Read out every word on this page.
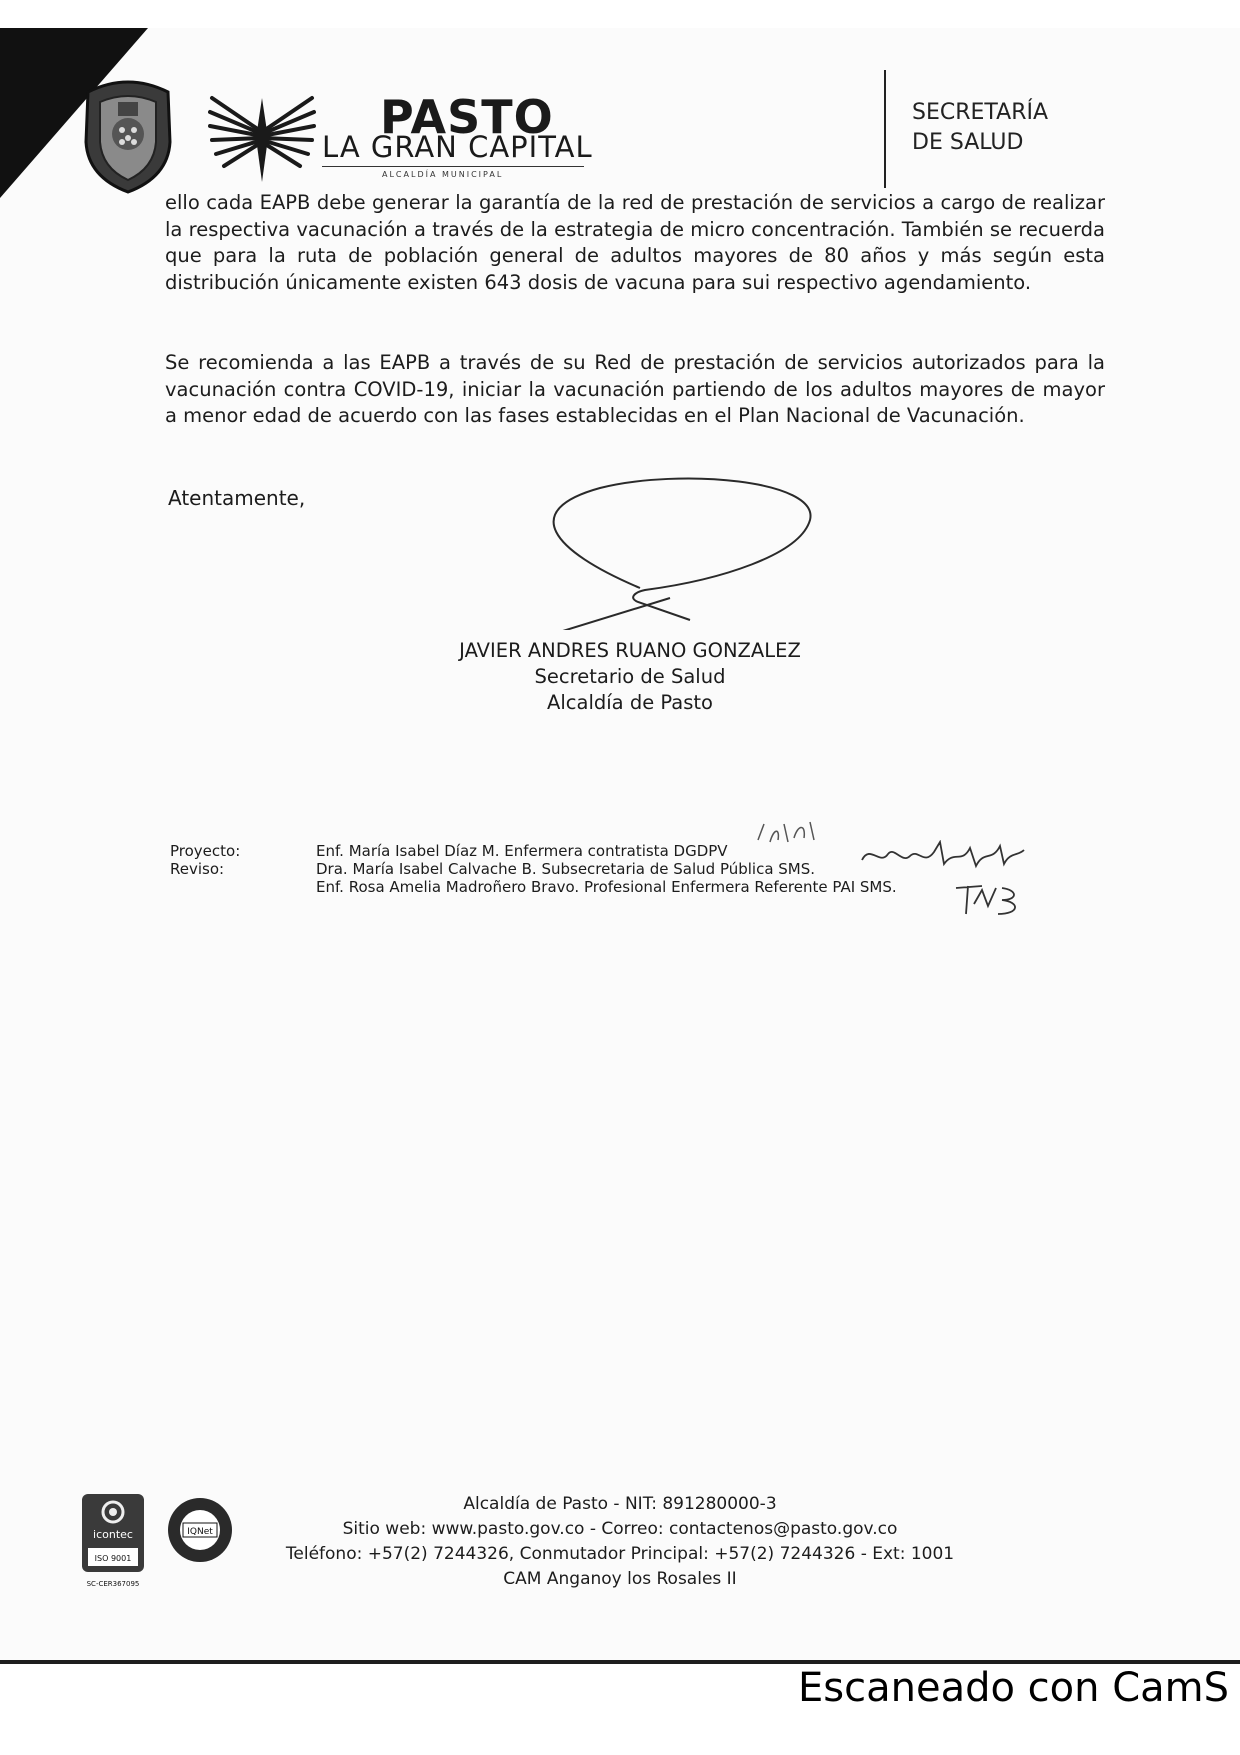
PASTO
LA GRAN CAPITAL
ALCALDÍA MUNICIPAL
SECRETARÍA
DE SALUD
ello cada EAPB debe generar la garantía de la red de prestación de servicios a cargo de realizar la respectiva vacunación a través de la estrategia de micro concentración. También se recuerda que para la ruta de población general de adultos mayores de 80 años y más según esta distribución únicamente existen 643 dosis de vacuna para sui respectivo agendamiento.
Se recomienda a las EAPB a través de su Red de prestación de servicios autorizados para la vacunación contra COVID-19, iniciar la vacunación partiendo de los adultos mayores de mayor a menor edad de acuerdo con las fases establecidas en el Plan Nacional de Vacunación.
Atentamente,
JAVIER ANDRES RUANO GONZALEZ
Secretario de Salud
Alcaldía de Pasto
Proyecto:
Reviso:
Enf. María Isabel Díaz M. Enfermera contratista DGDPV
Dra. María Isabel Calvache B. Subsecretaria de Salud Pública SMS.
Enf. Rosa Amelia Madroñero Bravo. Profesional Enfermera Referente PAI SMS.
icontec
ISO 9001
SC-CER367095
IQNet
Alcaldía de Pasto - NIT: 891280000-3
Sitio web: www.pasto.gov.co - Correo: contactenos@pasto.gov.co
Teléfono: +57(2) 7244326, Conmutador Principal: +57(2) 7244326 - Ext: 1001
CAM Anganoy los Rosales II
Escaneado con CamS
